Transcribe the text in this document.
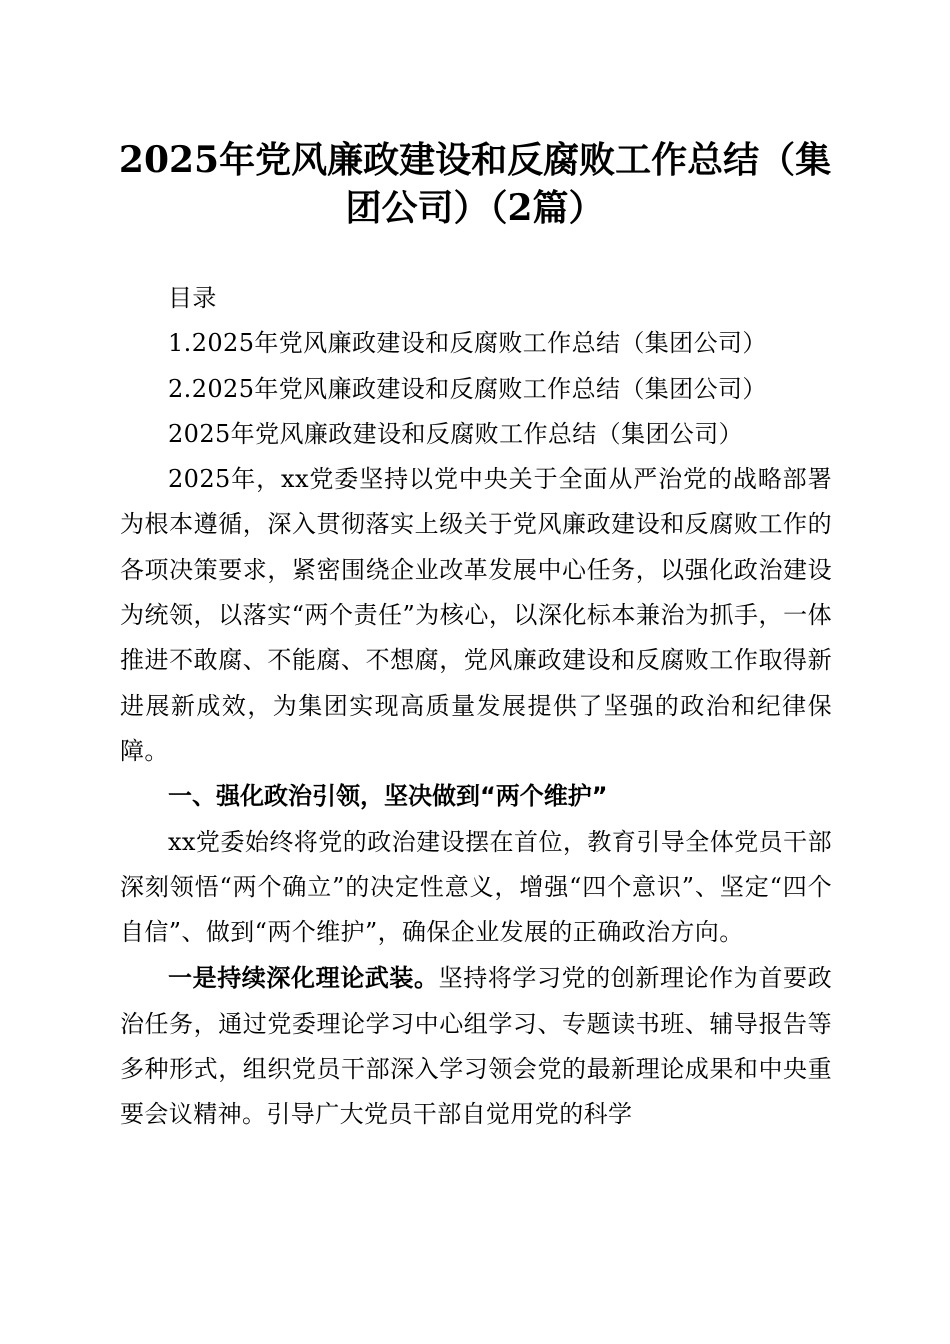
2025年党风廉政建设和反腐败工作总结（集团公司）（2篇）

目录

1.2025年党风廉政建设和反腐败工作总结（集团公司）

2.2025年党风廉政建设和反腐败工作总结（集团公司）

2025年党风廉政建设和反腐败工作总结（集团公司）

2025年，xx党委坚持以党中央关于全面从严治党的战略部署为根本遵循，深入贯彻落实上级关于党风廉政建设和反腐败工作的各项决策要求，紧密围绕企业改革发展中心任务，以强化政治建设为统领，以落实“两个责任”为核心，以深化标本兼治为抓手，一体推进不敢腐、不能腐、不想腐，党风廉政建设和反腐败工作取得新进展新成效，为集团实现高质量发展提供了坚强的政治和纪律保障。

一、强化政治引领，坚决做到“两个维护”

xx党委始终将党的政治建设摆在首位，教育引导全体党员干部深刻领悟“两个确立”的决定性意义，增强“四个意识”、坚定“四个自信”、做到“两个维护”，确保企业发展的正确政治方向。

一是持续深化理论武装。坚持将学习党的创新理论作为首要政治任务，通过党委理论学习中心组学习、专题读书班、辅导报告等多种形式，组织党员干部深入学习领会党的最新理论成果和中央重要会议精神。引导广大党员干部自觉用党的科学
